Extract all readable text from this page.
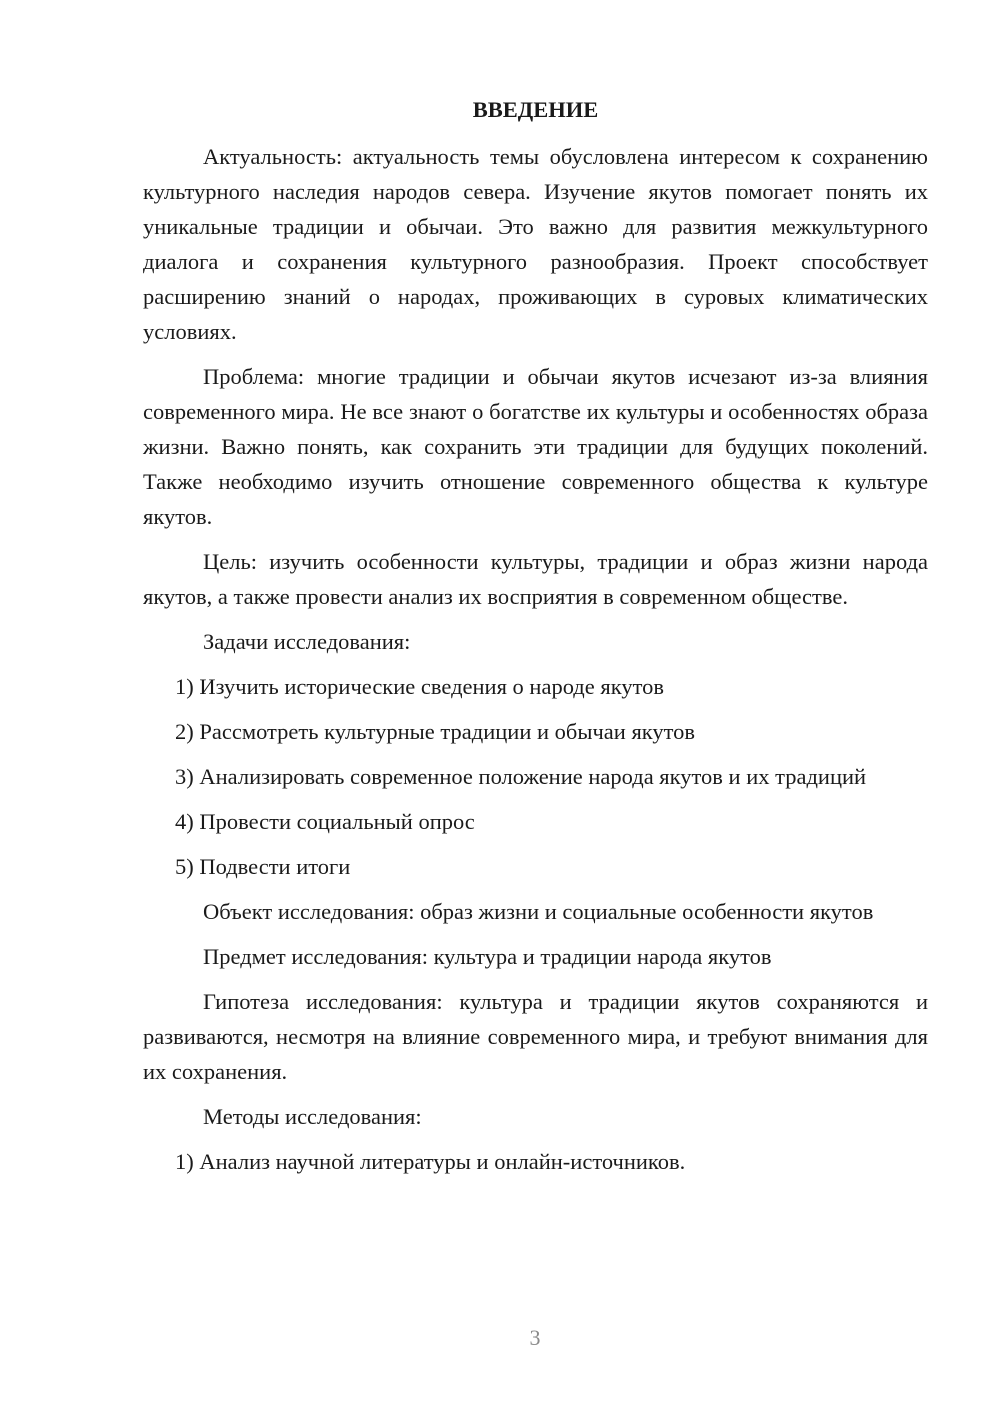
ВВЕДЕНИЕ

Актуальность: актуальность темы обусловлена интересом к сохранению культурного наследия народов севера. Изучение якутов помогает понять их уникальные традиции и обычаи. Это важно для развития межкультурного диалога и сохранения культурного разнообразия. Проект способствует расширению знаний о народах, проживающих в суровых климатических условиях.

Проблема: многие традиции и обычаи якутов исчезают из-за влияния современного мира. Не все знают о богатстве их культуры и особенностях образа жизни. Важно понять, как сохранить эти традиции для будущих поколений. Также необходимо изучить отношение современного общества к культуре якутов.

Цель: изучить особенности культуры, традиции и образ жизни народа якутов, а также провести анализ их восприятия в современном обществе.

Задачи исследования:

1) Изучить исторические сведения о народе якутов

2) Рассмотреть культурные традиции и обычаи якутов

3) Анализировать современное положение народа якутов и их традиций

4) Провести социальный опрос

5) Подвести итоги

Объект исследования: образ жизни и социальные особенности якутов

Предмет исследования: культура и традиции народа якутов

Гипотеза исследования: культура и традиции якутов сохраняются и развиваются, несмотря на влияние современного мира, и требуют внимания для их сохранения.

Методы исследования:

1) Анализ научной литературы и онлайн-источников.

3
